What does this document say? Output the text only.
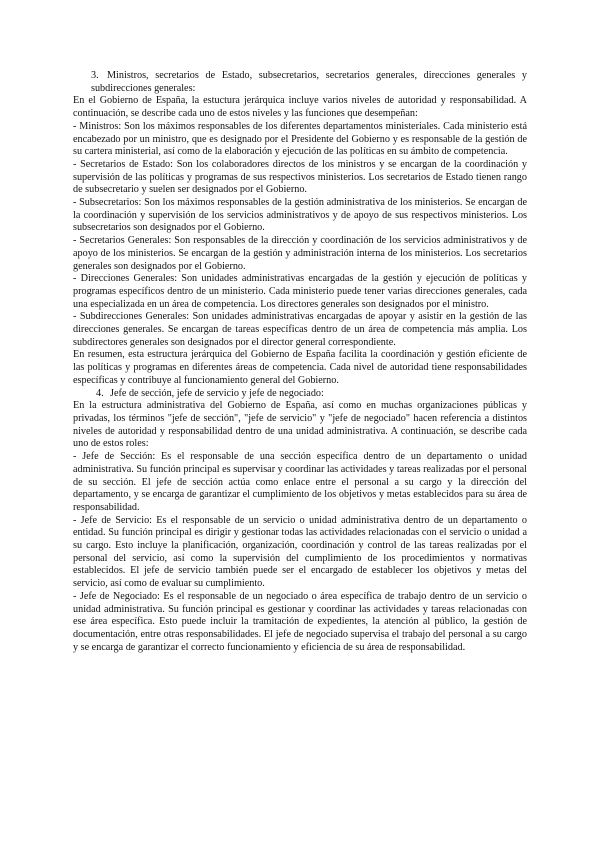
3. Ministros, secretarios de Estado, subsecretarios, secretarios generales, direcciones generales y subdirecciones generales:

En el Gobierno de España, la estuctura jerárquica incluye varios niveles de autoridad y responsabilidad. A continuación, se describe cada uno de estos niveles y las funciones que desempeñan:

- Ministros: Son los máximos responsables de los diferentes departamentos ministeriales. Cada ministerio está encabezado por un ministro, que es designado por el Presidente del Gobierno y es responsable de la gestión de su cartera ministerial, así como de la elaboración y ejecución de las políticas en su ámbito de competencia.

- Secretarios de Estado: Son los colaboradores directos de los ministros y se encargan de la coordinación y supervisión de las políticas y programas de sus respectivos ministerios. Los secretarios de Estado tienen rango de subsecretario y suelen ser designados por el Gobierno.

- Subsecretarios: Son los máximos responsables de la gestión administrativa de los ministerios. Se encargan de la coordinación y supervisión de los servicios administrativos y de apoyo de sus respectivos ministerios. Los subsecretarios son designados por el Gobierno.

- Secretarios Generales: Son responsables de la dirección y coordinación de los servicios administrativos y de apoyo de los ministerios. Se encargan de la gestión y administración interna de los ministerios. Los secretarios generales son designados por el Gobierno.

- Direcciones Generales: Son unidades administrativas encargadas de la gestión y ejecución de políticas y programas específicos dentro de un ministerio. Cada ministerio puede tener varias direcciones generales, cada una especializada en un área de competencia. Los directores generales son designados por el ministro.

- Subdirecciones Generales: Son unidades administrativas encargadas de apoyar y asistir en la gestión de las direcciones generales. Se encargan de tareas específicas dentro de un área de competencia más amplia. Los subdirectores generales son designados por el director general correspondiente.

En resumen, esta estructura jerárquica del Gobierno de España facilita la coordinación y gestión eficiente de las políticas y programas en diferentes áreas de competencia. Cada nivel de autoridad tiene responsabilidades específicas y contribuye al funcionamiento general del Gobierno.

4. Jefe de sección, jefe de servicio y jefe de negociado:

En la estructura administrativa del Gobierno de España, así como en muchas organizaciones públicas y privadas, los términos "jefe de sección", "jefe de servicio" y "jefe de negociado" hacen referencia a distintos niveles de autoridad y responsabilidad dentro de una unidad administrativa. A continuación, se describe cada uno de estos roles:

- Jefe de Sección: Es el responsable de una sección específica dentro de un departamento o unidad administrativa. Su función principal es supervisar y coordinar las actividades y tareas realizadas por el personal de su sección. El jefe de sección actúa como enlace entre el personal a su cargo y la dirección del departamento, y se encarga de garantizar el cumplimiento de los objetivos y metas establecidos para su área de responsabilidad.

- Jefe de Servicio: Es el responsable de un servicio o unidad administrativa dentro de un departamento o entidad. Su función principal es dirigir y gestionar todas las actividades relacionadas con el servicio o unidad a su cargo. Esto incluye la planificación, organización, coordinación y control de las tareas realizadas por el personal del servicio, así como la supervisión del cumplimiento de los procedimientos y normativas establecidos. El jefe de servicio también puede ser el encargado de establecer los objetivos y metas del servicio, así como de evaluar su cumplimiento.

- Jefe de Negociado: Es el responsable de un negociado o área específica de trabajo dentro de un servicio o unidad administrativa. Su función principal es gestionar y coordinar las actividades y tareas relacionadas con ese área específica. Esto puede incluir la tramitación de expedientes, la atención al público, la gestión de documentación, entre otras responsabilidades. El jefe de negociado supervisa el trabajo del personal a su cargo y se encarga de garantizar el correcto funcionamiento y eficiencia de su área de responsabilidad.
